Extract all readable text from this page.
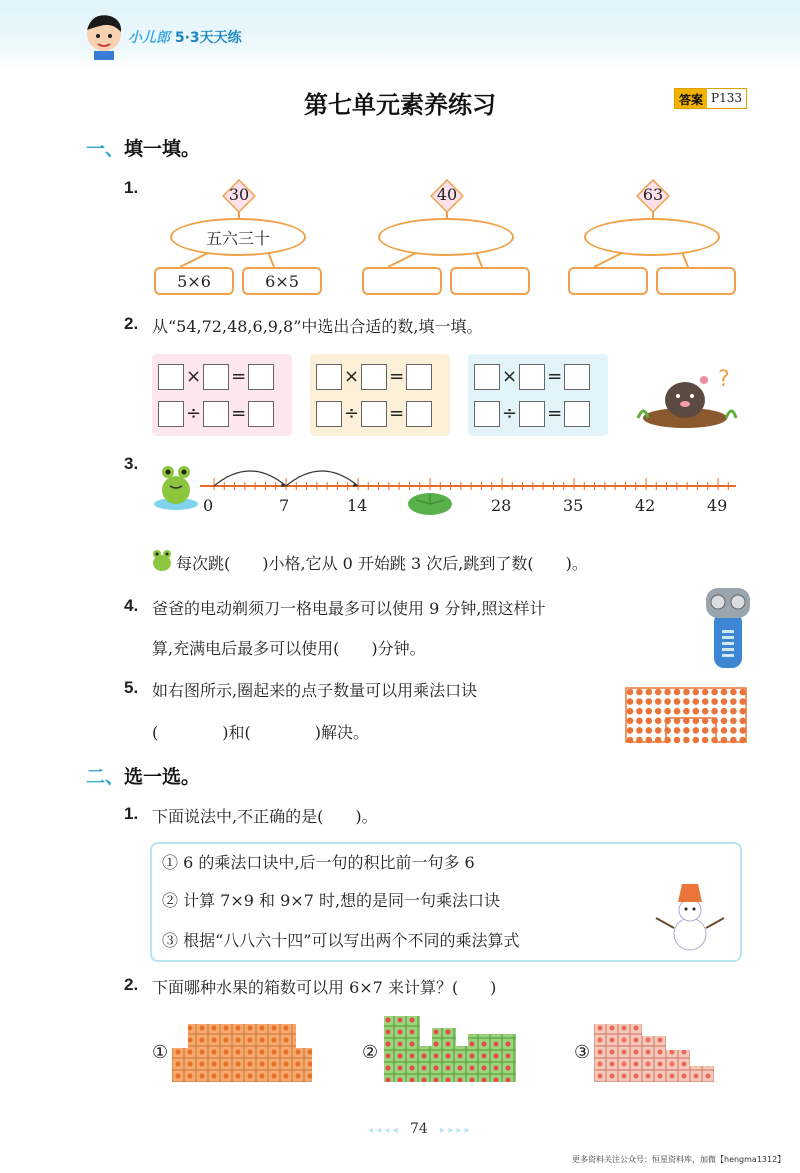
小儿郎 5·3天天练
第七单元素养练习	答案 P133
一、填一填。
1.	30
五六三十
5×6	6×5
40	63
2. 从“54,72,48,6,9,8”中选出合适的数,填一填。
× =
÷ =
× =
÷ =
× =
÷ =
?
3.
0	7	14	28	35	42	49
每次跳(　　)小格,它从 0 开始跳 3 次后,跳到了数(　　)。
4. 爸爸的电动剃须刀一格电最多可以使用 9 分钟,照这样计
算,充满电后最多可以使用(　　)分钟。
5. 如右图所示,圈起来的点子数量可以用乘法口诀
(　　　　)和(　　　　)解决。
二、选一选。
1. 下面说法中,不正确的是(　　)。
① 6 的乘法口诀中,后一句的积比前一句多 6
② 计算 7×9 和 9×7 时,想的是同一句乘法口诀
③ 根据“八八六十四”可以写出两个不同的乘法算式
2. 下面哪种水果的箱数可以用 6×7 来计算？(　　)
①	②	③
◂ ◂ ◂ ◂ 74 ▸ ▸ ▸ ▸
更多资料关注公众号：恒星资料库，加微【hengma1312】
